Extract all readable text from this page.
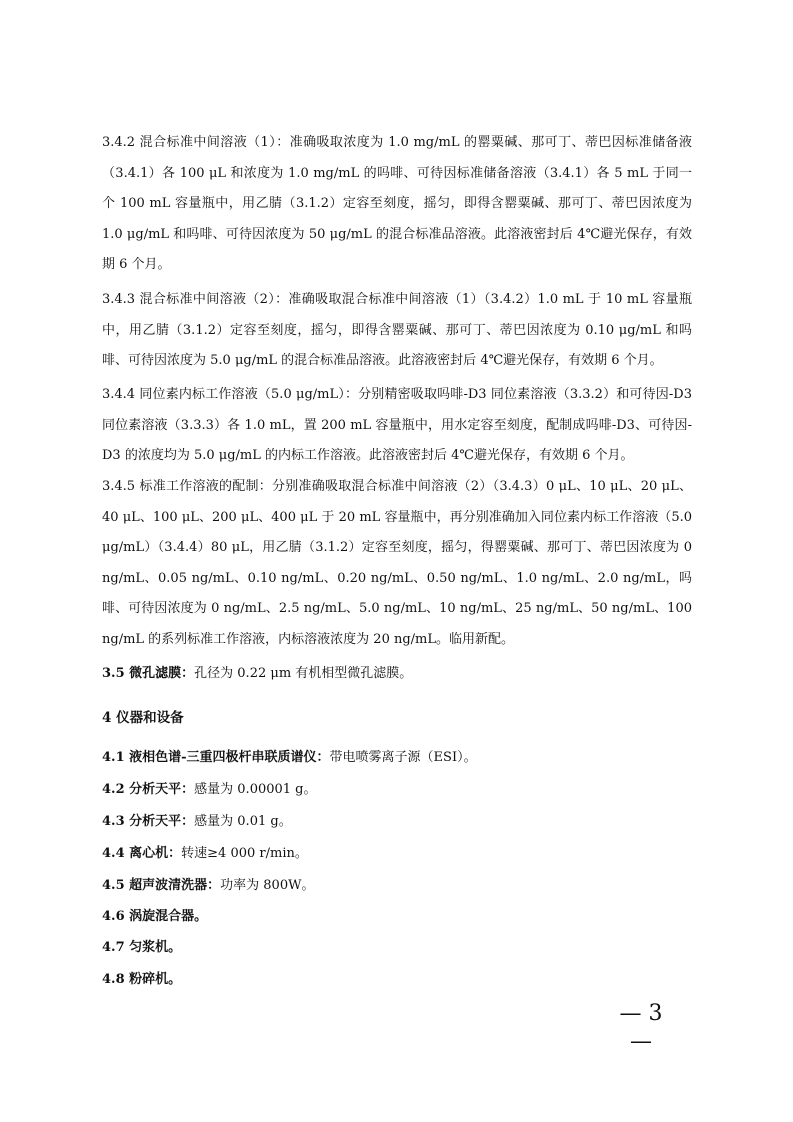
3.4.2 混合标准中间溶液（1）：准确吸取浓度为 1.0 mg/mL 的罂粟碱、那可丁、蒂巴因标准储备液（3.4.1）各 100 μL 和浓度为 1.0 mg/mL 的吗啡、可待因标准储备溶液（3.4.1）各 5 mL 于同一个 100 mL 容量瓶中，用乙腈（3.1.2）定容至刻度，摇匀，即得含罂粟碱、那可丁、蒂巴因浓度为 1.0 μg/mL 和吗啡、可待因浓度为 50 μg/mL 的混合标准品溶液。此溶液密封后 4℃避光保存，有效期 6 个月。

3.4.3 混合标准中间溶液（2）：准确吸取混合标准中间溶液（1）（3.4.2）1.0 mL 于 10 mL 容量瓶中，用乙腈（3.1.2）定容至刻度，摇匀，即得含罂粟碱、那可丁、蒂巴因浓度为 0.10 μg/mL 和吗啡、可待因浓度为 5.0 μg/mL 的混合标准品溶液。此溶液密封后 4℃避光保存，有效期 6 个月。

3.4.4 同位素内标工作溶液（5.0 μg/mL）：分别精密吸取吗啡-D3 同位素溶液（3.3.2）和可待因-D3 同位素溶液（3.3.3）各 1.0 mL，置 200 mL 容量瓶中，用水定容至刻度，配制成吗啡-D3、可待因-D3 的浓度均为 5.0 μg/mL 的内标工作溶液。此溶液密封后 4℃避光保存，有效期 6 个月。

3.4.5 标准工作溶液的配制：分别准确吸取混合标准中间溶液（2）（3.4.3）0 μL、10 μL、20 μL、40 μL、100 μL、200 μL、400 μL 于 20 mL 容量瓶中，再分别准确加入同位素内标工作溶液（5.0 μg/mL）（3.4.4）80 μL，用乙腈（3.1.2）定容至刻度，摇匀，得罂粟碱、那可丁、蒂巴因浓度为 0 ng/mL、0.05 ng/mL、0.10 ng/mL、0.20 ng/mL、0.50 ng/mL、1.0 ng/mL、2.0 ng/mL，吗啡、可待因浓度为 0 ng/mL、2.5 ng/mL、5.0 ng/mL、10 ng/mL、25 ng/mL、50 ng/mL、100 ng/mL 的系列标准工作溶液，内标溶液浓度为 20 ng/mL。临用新配。

3.5 微孔滤膜：孔径为 0.22 μm 有机相型微孔滤膜。

4 仪器和设备

4.1 液相色谱-三重四极杆串联质谱仪：带电喷雾离子源（ESI）。

4.2 分析天平：感量为 0.00001 g。

4.3 分析天平：感量为 0.01 g。

4.4 离心机：转速≥4 000 r/min。

4.5 超声波清洗器：功率为 800W。

4.6 涡旋混合器。

4.7 匀浆机。

4.8 粉碎机。

— 3 —
